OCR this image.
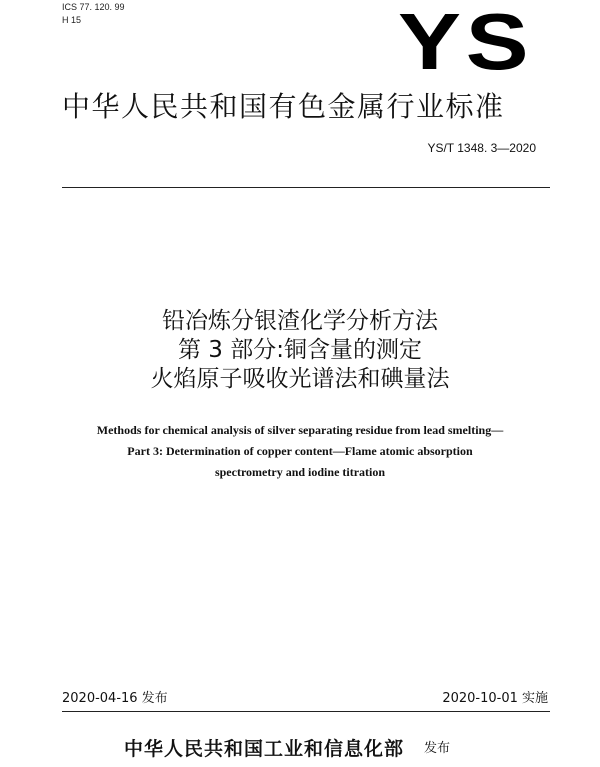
ICS 77. 120. 99
H 15	YS
中华人民共和国有色金属行业标准
YS/T 1348. 3—2020
铅冶炼分银渣化学分析方法
第 3 部分:铜含量的测定
火焰原子吸收光谱法和碘量法
Methods for chemical analysis of silver separating residue from lead smelting—
Part 3: Determination of copper content—Flame atomic absorption
spectrometry and iodine titration
2020-04-16 发布	2020-10-01 实施
中华人民共和国工业和信息化部 $^{发布}$
